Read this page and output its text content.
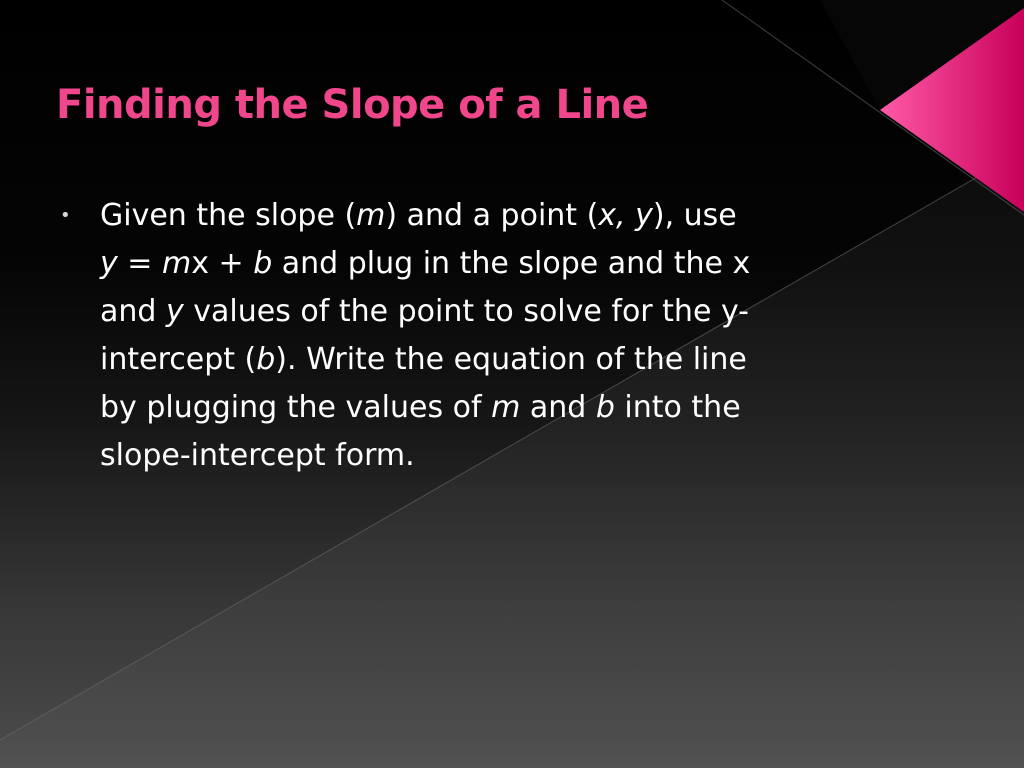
Finding the Slope of a Line
• Given the slope (m) and a point (x, y), use
y = mx + b and plug in the slope and the x
and y values of the point to solve for the y-
intercept (b). Write the equation of the line
by plugging the values of m and b into the
slope-intercept form.
